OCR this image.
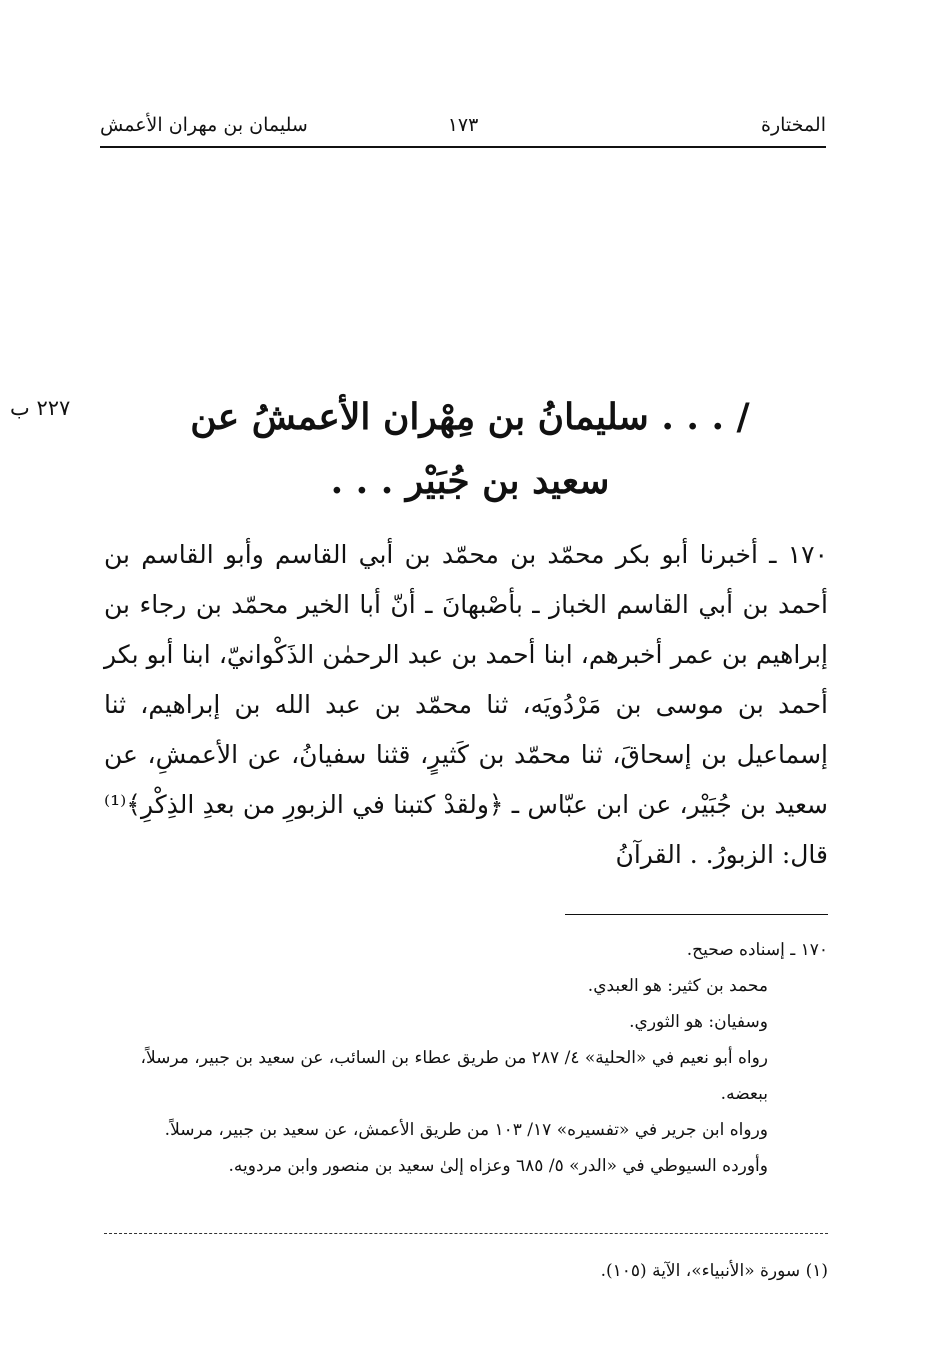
المختارة
١٧٣
سليمان بن مهران الأعمش
٢٢٧ ب	/ . . . سليمانُ بن مِهْران الأعمشُ عن
سعيد بن جُبَيْر . . .

١٧٠ ـ أخبرنا أبو بكر محمّد بن محمّد بن أبي القاسم وأبو القاسم بن أحمد بن أبي القاسم الخباز ـ بأصْبهانَ ـ أنّ أبا الخير محمّد بن رجاء بن إبراهيم بن عمر أخبرهم، ابنا أحمد بن عبد الرحمٰن الذَكْوانيّ، ابنا أبو بكر أحمد بن موسى بن مَرْدُويَه، ثنا محمّد بن عبد الله بن إبراهيم، ثنا إسماعيل بن إسحاقَ، ثنا محمّد بن كَثيرٍ، قثنا سفيانُ، عن الأعمشِ، عن سعيد بن جُبَيْر، عن ابن عبّاس ـ ﴿ولقدْ كتبنا في الزبورِ من بعدِ الذِكْرِ﴾⁽¹⁾ قال: الزبورُ. . القرآنُ

١٧٠ ـ إسناده صحيح.

محمد بن كثير: هو العبدي.

وسفيان: هو الثوري.

رواه أبو نعيم في «الحلية» ٤/ ٢٨٧ من طريق عطاء بن السائب، عن سعيد بن جبير، مرسلاً، ببعضه.

ورواه ابن جرير في «تفسيره» ١٧/ ١٠٣ من طريق الأعمش، عن سعيد بن جبير، مرسلاً.

وأورده السيوطي في «الدر» ٥/ ٦٨٥ وعزاه إلىٰ سعيد بن منصور وابن مردويه.

(١) سورة «الأنبياء»، الآية (١٠٥).
